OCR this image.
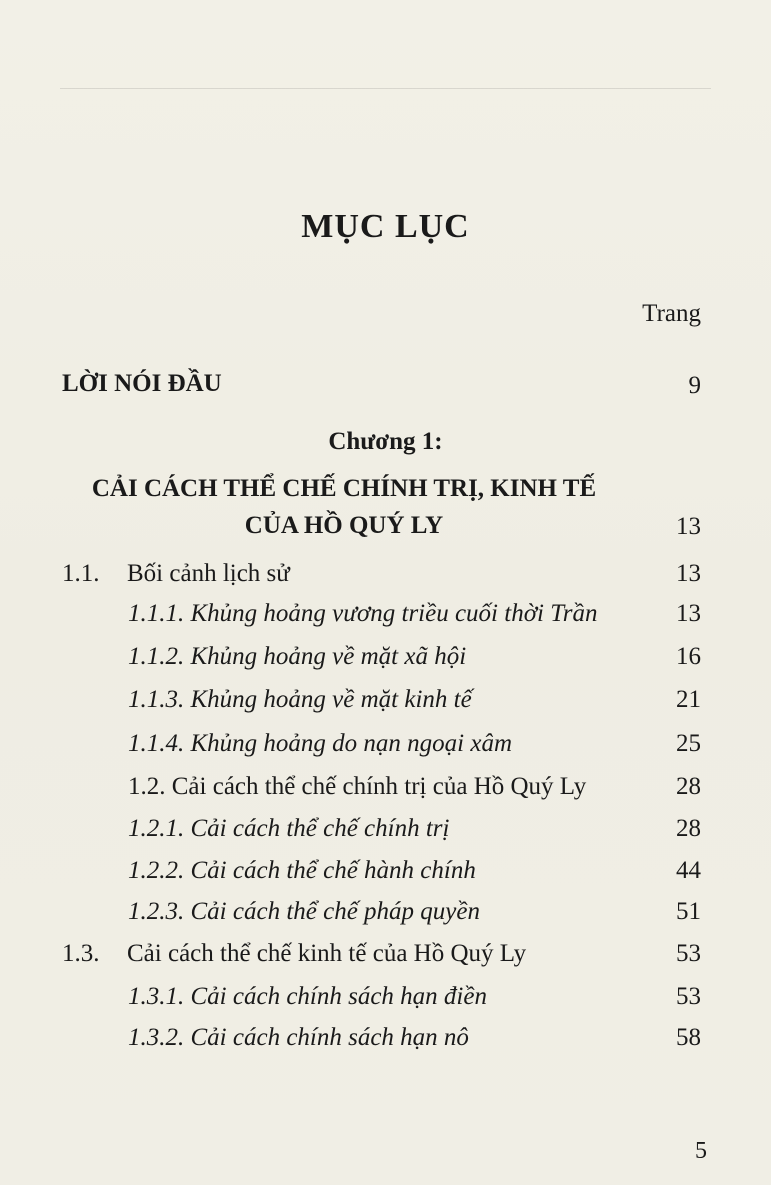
MỤC LỤC
Trang
LỜI NÓI ĐẦU	9
Chương 1:
CẢI CÁCH THỂ CHẾ CHÍNH TRỊ, KINH TẾ
CỦA HỒ QUÝ LY	13
1.1. Bối cảnh lịch sử	13
1.1.1. Khủng hoảng vương triều cuối thời Trần	13
1.1.2. Khủng hoảng về mặt xã hội	16
1.1.3. Khủng hoảng về mặt kinh tế	21
1.1.4. Khủng hoảng do nạn ngoại xâm	25
1.2. Cải cách thể chế chính trị của Hồ Quý Ly	28
1.2.1. Cải cách thể chế chính trị	28
1.2.2. Cải cách thể chế hành chính	44
1.2.3. Cải cách thể chế pháp quyền	51
1.3. Cải cách thể chế kinh tế của Hồ Quý Ly	53
1.3.1. Cải cách chính sách hạn điền	53
1.3.2. Cải cách chính sách hạn nô	58
5
